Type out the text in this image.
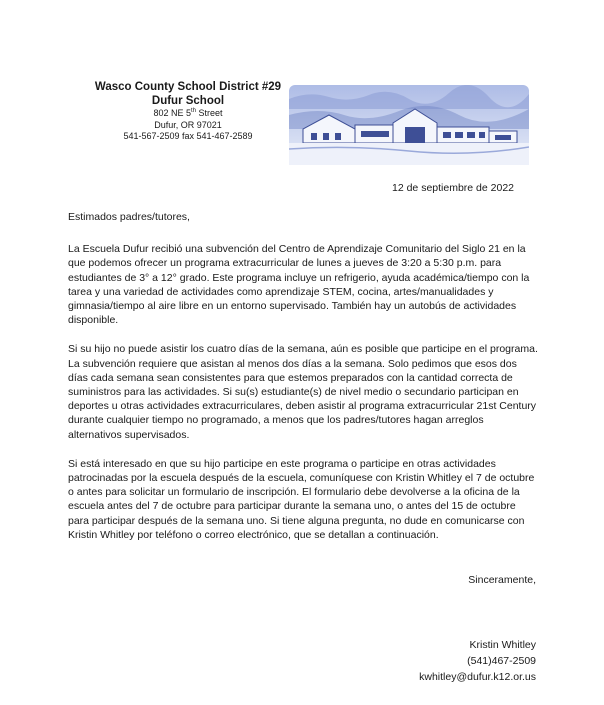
Wasco County School District #29
Dufur School
802 NE 5th Street
Dufur, OR 97021
541-567-2509 fax 541-467-2589
12 de septiembre de 2022

Estimados padres/tutores,

La Escuela Dufur recibió una subvención del Centro de Aprendizaje Comunitario del Siglo 21 en la que podemos ofrecer un programa extracurricular de lunes a jueves de 3:20 a 5:30 p.m. para estudiantes de 3° a 12° grado. Este programa incluye un refrigerio, ayuda académica/tiempo con la tarea y una variedad de actividades como aprendizaje STEM, cocina, artes/manualidades y gimnasia/tiempo al aire libre en un entorno supervisado. También hay un autobús de actividades disponible.

Si su hijo no puede asistir los cuatro días de la semana, aún es posible que participe en el programa. La subvención requiere que asistan al menos dos días a la semana. Solo pedimos que esos dos días cada semana sean consistentes para que estemos preparados con la cantidad correcta de suministros para las actividades. Si su(s) estudiante(s) de nivel medio o secundario participan en deportes u otras actividades extracurriculares, deben asistir al programa extracurricular 21st Century durante cualquier tiempo no programado, a menos que los padres/tutores hagan arreglos alternativos supervisados.

Si está interesado en que su hijo participe en este programa o participe en otras actividades patrocinadas por la escuela después de la escuela, comuníquese con Kristin Whitley el 7 de octubre o antes para solicitar un formulario de inscripción. El formulario debe devolverse a la oficina de la escuela antes del 7 de octubre para participar durante la semana uno, o antes del 15 de octubre para participar después de la semana uno. Si tiene alguna pregunta, no dude en comunicarse con Kristin Whitley por teléfono o correo electrónico, que se detallan a continuación.

Sinceramente,
Kristin Whitley
(541)467-2509
kwhitley@dufur.k12.or.us
